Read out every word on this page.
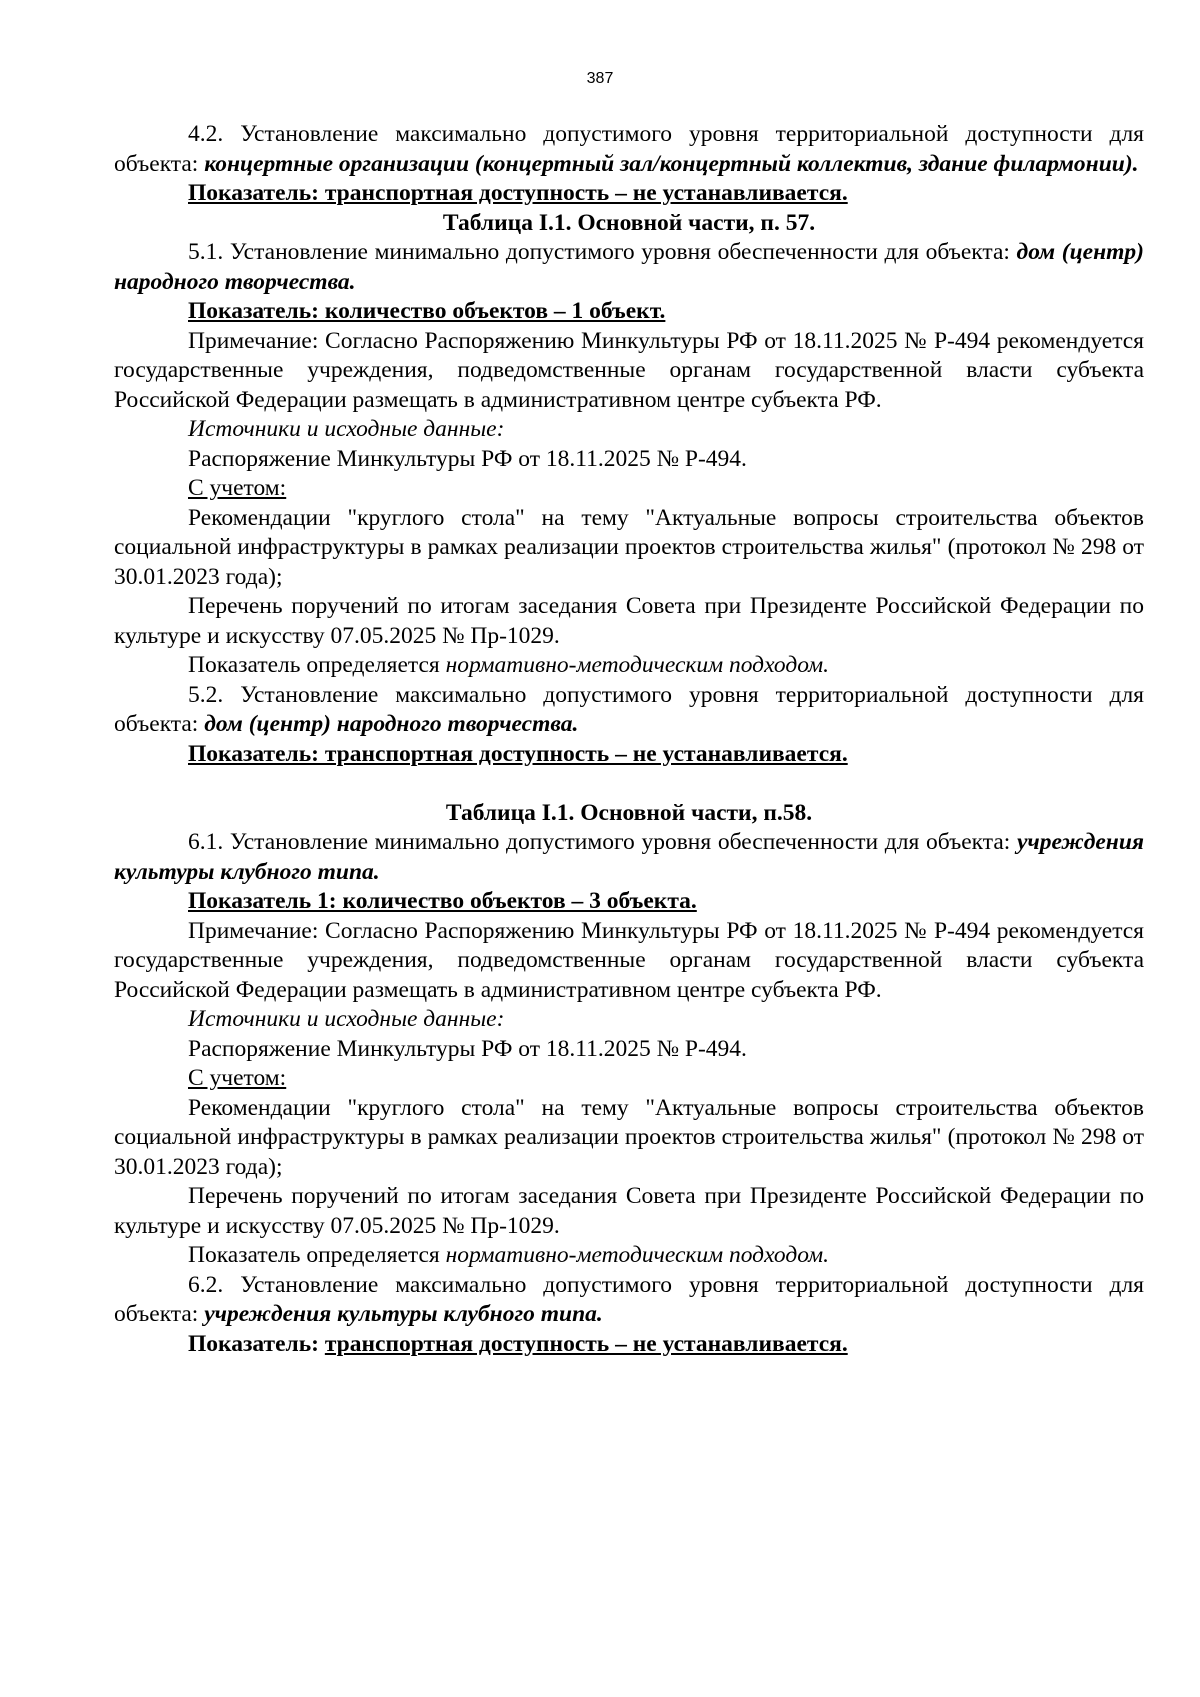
387

4.2. Установление максимально допустимого уровня территориальной доступности для объекта: концертные организации (концертный зал/концертный коллектив, здание филармонии).

Показатель: транспортная доступность – не устанавливается.

Таблица I.1. Основной части, п. 57.

5.1. Установление минимально допустимого уровня обеспеченности для объекта: дом (центр) народного творчества.

Показатель: количество объектов – 1 объект.

Примечание: Согласно Распоряжению Минкультуры РФ от 18.11.2025 № Р-494 рекомендуется государственные учреждения, подведомственные органам государственной власти субъекта Российской Федерации размещать в административном центре субъекта РФ.

Источники и исходные данные:

Распоряжение Минкультуры РФ от 18.11.2025 № Р-494.

С учетом:

Рекомендации "круглого стола" на тему "Актуальные вопросы строительства объектов социальной инфраструктуры в рамках реализации проектов строительства жилья" (протокол № 298 от 30.01.2023 года);

Перечень поручений по итогам заседания Совета при Президенте Российской Федерации по культуре и искусству 07.05.2025 № Пр-1029.

Показатель определяется нормативно-методическим подходом.

5.2. Установление максимально допустимого уровня территориальной доступности для объекта: дом (центр) народного творчества.

Показатель: транспортная доступность – не устанавливается.

Таблица I.1. Основной части, п.58.

6.1. Установление минимально допустимого уровня обеспеченности для объекта: учреждения культуры клубного типа.

Показатель 1: количество объектов – 3 объекта.

Примечание: Согласно Распоряжению Минкультуры РФ от 18.11.2025 № Р-494 рекомендуется государственные учреждения, подведомственные органам государственной власти субъекта Российской Федерации размещать в административном центре субъекта РФ.

Источники и исходные данные:

Распоряжение Минкультуры РФ от 18.11.2025 № Р-494.

С учетом:

Рекомендации "круглого стола" на тему "Актуальные вопросы строительства объектов социальной инфраструктуры в рамках реализации проектов строительства жилья" (протокол № 298 от 30.01.2023 года);

Перечень поручений по итогам заседания Совета при Президенте Российской Федерации по культуре и искусству 07.05.2025 № Пр-1029.

Показатель определяется нормативно-методическим подходом.

6.2. Установление максимально допустимого уровня территориальной доступности для объекта: учреждения культуры клубного типа.

Показатель: транспортная доступность – не устанавливается.
